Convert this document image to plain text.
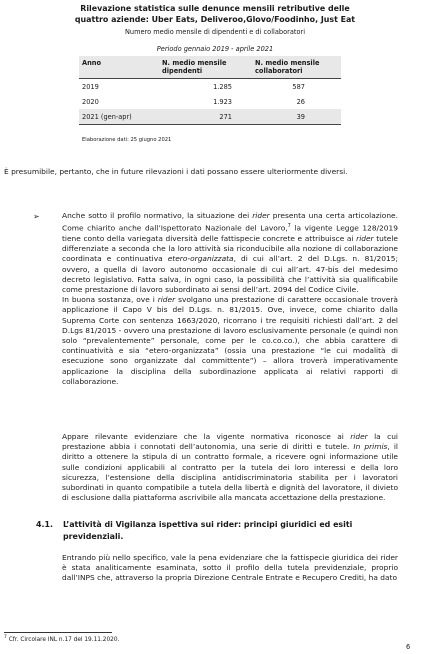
Rilevazione statistica sulle denunce mensili retributive delle
quattro aziende: Uber Eats, Deliveroo,Glovo/Foodinho, Just Eat
Numero medio mensile di dipendenti e di collaboratori
Periodo gennaio 2019 - aprile 2021
Anno	N. medio mensile dipendenti	N. medio mensile collaboratori
2019	1.285	587
2020	1.923	26
2021 (gen-apr)	271	39
Elaborazione dati: 25 giugno 2021
È presumibile, pertanto, che in future rilevazioni i dati possano essere ulteriormente diversi.
➢	Anche sotto il profilo normativo, la situazione dei rider presenta una certa articolazione. Come chiarito anche dall’Ispettorato Nazionale del Lavoro,$^7$ la vigente Legge 128/2019 tiene conto della variegata diversità delle fattispecie concrete e attribuisce ai rider tutele differenziate a seconda che la loro attività sia riconducibile alla nozione di collaborazione coordinata e continuativa etero-organizzata, di cui all’art. 2 del D.Lgs. n. 81/2015; ovvero, a quella di lavoro autonomo occasionale di cui all’art. 47-bis del medesimo decreto legislativo. Fatta salva, in ogni caso, la possibilità che l’attività sia qualificabile come prestazione di lavoro subordinato ai sensi dell’art. 2094 del Codice Civile.
In buona sostanza, ove i rider svolgano una prestazione di carattere occasionale troverà applicazione il Capo V bis del D.Lgs. n. 81/2015. Ove, invece, come chiarito dalla Suprema Corte con sentenza 1663/2020, ricorrano i tre requisiti richiesti dall’art. 2 del D.Lgs 81/2015 - ovvero una prestazione di lavoro esclusivamente personale (e quindi non solo “prevalentemente” personale, come per le co.co.co.), che abbia carattere di continuatività e sia “etero-organizzata” (ossia una prestazione “le cui modalità di esecuzione sono organizzate dal committente”) – allora troverà imperativamente applicazione la disciplina della subordinazione applicata ai relativi rapporti di collaborazione.
Appare rilevante evidenziare che la vigente normativa riconosce ai rider la cui prestazione abbia i connotati dell’autonomia, una serie di diritti e tutele. In primis, il diritto a ottenere la stipula di un contratto formale, a ricevere ogni informazione utile sulle condizioni applicabili al contratto per la tutela dei loro interessi e della loro sicurezza, l’estensione della disciplina antidiscriminatoria stabilita per i lavoratori subordinati in quanto compatibile a tutela della libertà e dignità del lavoratore, il divieto di esclusione dalla piattaforma ascrivibile alla mancata accettazione della prestazione.
4.1. L’attività di Vigilanza ispettiva sui rider: principi giuridici ed esiti
previdenziali.
Entrando più nello specifico, vale la pena evidenziare che la fattispecie giuridica dei rider è stata analiticamente esaminata, sotto il profilo della tutela previdenziale, proprio dall’INPS che, attraverso la propria Direzione Centrale Entrate e Recupero Crediti, ha dato
$^7$ Cfr. Circolare INL n.17 del 19.11.2020.
6
